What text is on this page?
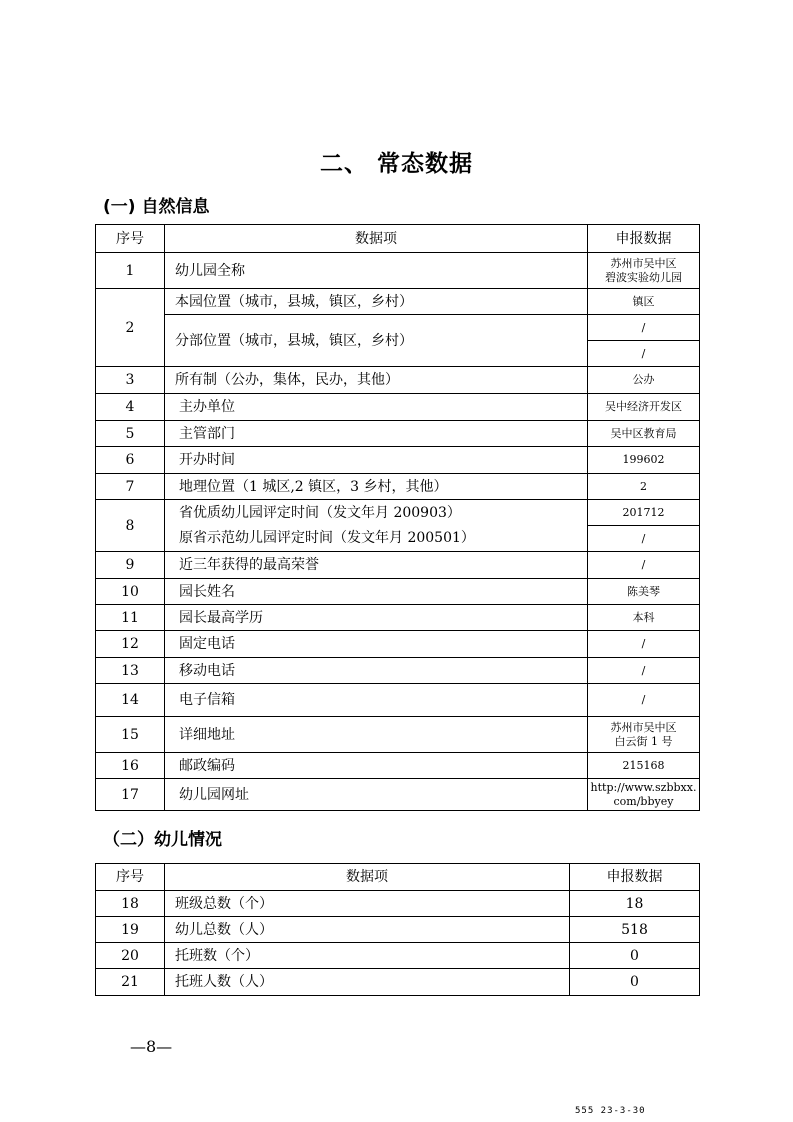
二、 常态数据
(一) 自然信息
序号	数据项	申报数据
1	幼儿园全称	苏州市吴中区
碧波实验幼儿园
2	本园位置（城市，县城，镇区，乡村）	镇区
	分部位置（城市，县城，镇区，乡村）	/
		/
3	所有制（公办，集体，民办，其他）	公办
4	主办单位	吴中经济开发区
5	主管部门	吴中区教育局
6	开办时间	199602
7	地理位置（1 城区,2 镇区，3 乡村，其他）	2
8	省优质幼儿园评定时间（发文年月 200903）	201712
	原省示范幼儿园评定时间（发文年月 200501）	/
9	近三年获得的最高荣誉	/
10	园长姓名	陈美琴
11	园长最高学历	本科
12	固定电话	/
13	移动电话	/
14	电子信箱	/
15	详细地址	苏州市吴中区
白云街 1 号
16	邮政编码	215168
17	幼儿园网址	http://www.szbbxx.
com/bbyey
（二）幼儿情况
序号	数据项	申报数据
18	班级总数（个）	18
19	幼儿总数（人）	518
20	托班数（个）	0
21	托班人数（人）	0
—8—
555 23-3-30
